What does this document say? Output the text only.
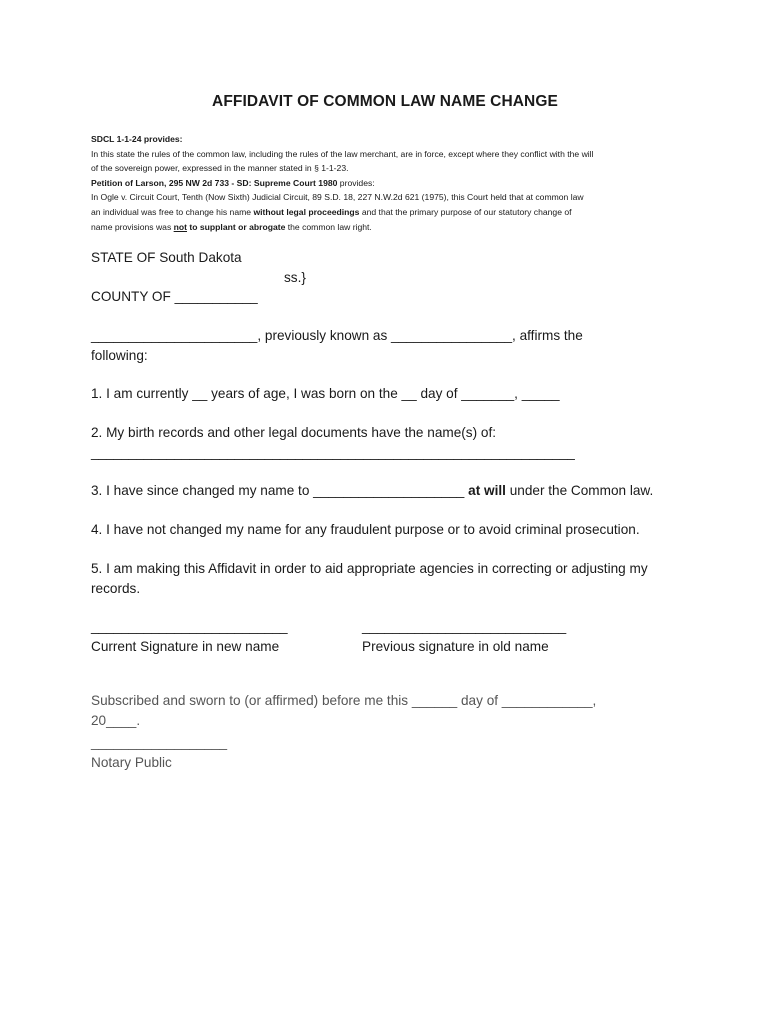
AFFIDAVIT OF COMMON LAW NAME CHANGE
SDCL 1-1-24 provides:
In this state the rules of the common law, including the rules of the law merchant, are in force, except where they conflict with the will
of the sovereign power, expressed in the manner stated in § 1-1-23.
Petition of Larson, 295 NW 2d 733 - SD: Supreme Court 1980 provides:
In Ogle v. Circuit Court, Tenth (Now Sixth) Judicial Circuit, 89 S.D. 18, 227 N.W.2d 621 (1975), this Court held that at common law
an individual was free to change his name without legal proceedings and that the primary purpose of our statutory change of
name provisions was not to supplant or abrogate the common law right.
STATE OF South Dakota
ss.}
COUNTY OF ___________
______________________, previously known as ________________, affirms the
following:
1. I am currently __ years of age, I was born on the __ day of _______, _____
2. My birth records and other legal documents have the name(s) of:
________________________________________________________________
3. I have since changed my name to ____________________ at will under the Common law.
4. I have not changed my name for any fraudulent purpose or to avoid criminal prosecution.
5. I am making this Affidavit in order to aid appropriate agencies in correcting or adjusting my
records.
__________________________
Current Signature in new name
___________________________
Previous signature in old name
Subscribed and sworn to (or affirmed) before me this ______ day of ____________,
20____.
__________________
Notary Public
